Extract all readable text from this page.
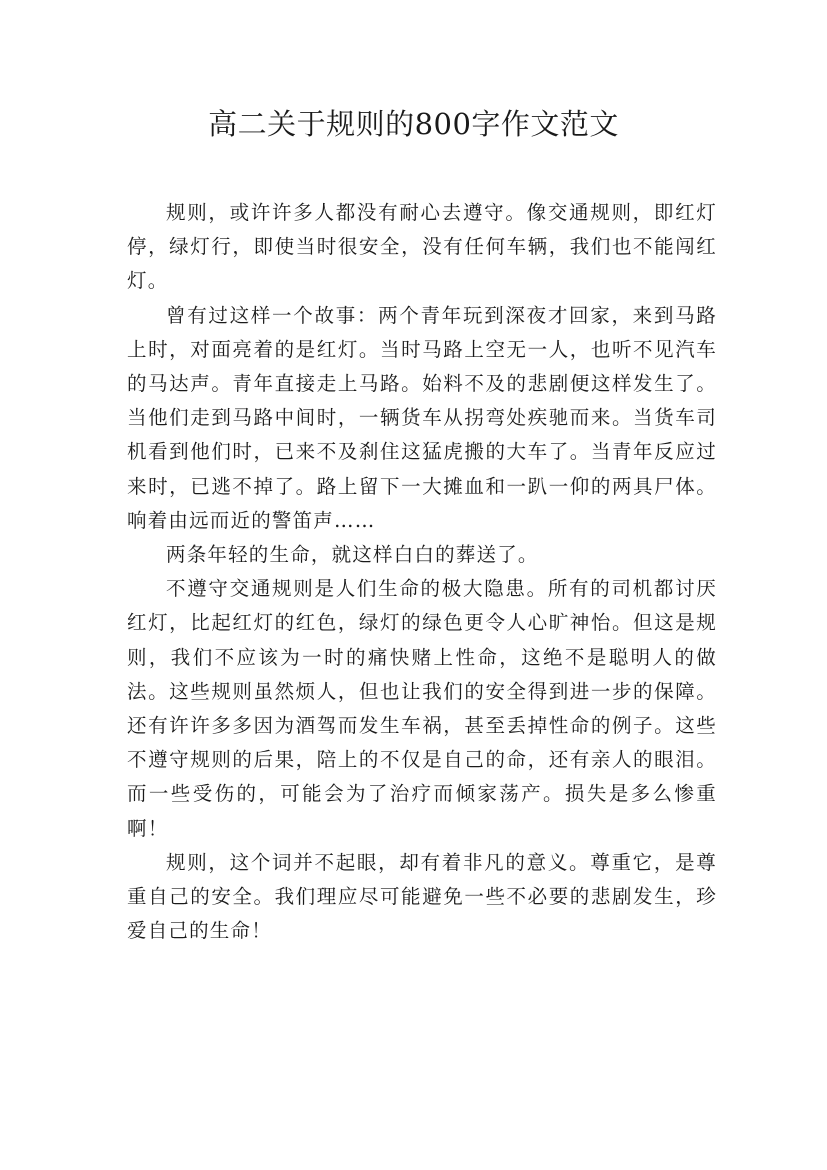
高二关于规则的800字作文范文

规则，或许许多人都没有耐心去遵守。像交通规则，即红灯停，绿灯行，即使当时很安全，没有任何车辆，我们也不能闯红灯。

曾有过这样一个故事：两个青年玩到深夜才回家，来到马路上时，对面亮着的是红灯。当时马路上空无一人，也听不见汽车的马达声。青年直接走上马路。始料不及的悲剧便这样发生了。当他们走到马路中间时，一辆货车从拐弯处疾驰而来。当货车司机看到他们时，已来不及刹住这猛虎搬的大车了。当青年反应过来时，已逃不掉了。路上留下一大摊血和一趴一仰的两具尸体。响着由远而近的警笛声……

两条年轻的生命，就这样白白的葬送了。

不遵守交通规则是人们生命的极大隐患。所有的司机都讨厌红灯，比起红灯的红色，绿灯的绿色更令人心旷神怡。但这是规则，我们不应该为一时的痛快赌上性命，这绝不是聪明人的做法。这些规则虽然烦人，但也让我们的安全得到进一步的保障。还有许许多多因为酒驾而发生车祸，甚至丢掉性命的例子。这些不遵守规则的后果，陪上的不仅是自己的命，还有亲人的眼泪。而一些受伤的，可能会为了治疗而倾家荡产。损失是多么惨重啊！

规则，这个词并不起眼，却有着非凡的意义。尊重它，是尊重自己的安全。我们理应尽可能避免一些不必要的悲剧发生，珍爱自己的生命！
